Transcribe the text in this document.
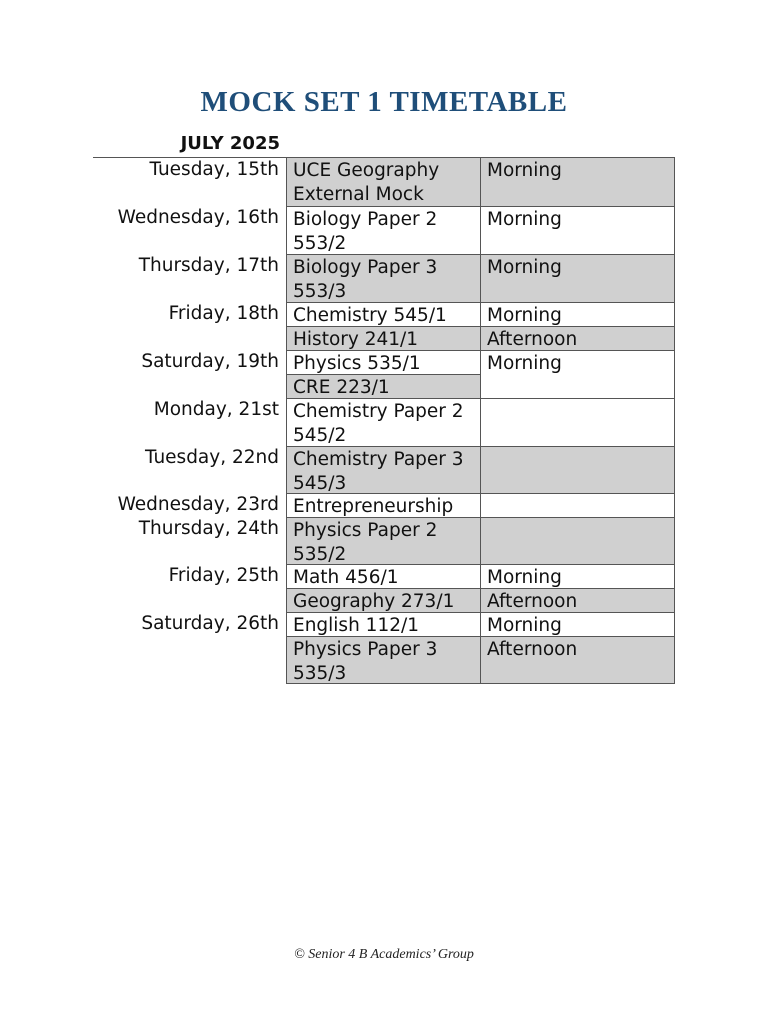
MOCK SET 1 TIMETABLE
JULY 2025
UCE Geography
External Mock
Biology Paper 2
553/2
Biology Paper 3
553/3
Chemistry 545/1
History 241/1
Physics 535/1
CRE 223/1
Chemistry Paper 2
545/2
Chemistry Paper 3
545/3
Entrepreneurship
Physics Paper 2
535/2
Math 456/1
Geography 273/1
English 112/1
Physics Paper 3
535/3
Morning
Morning
Morning
Morning
Afternoon
Morning
Morning
Afternoon
Morning
Afternoon
Tuesday, 15th
Wednesday, 16th
Thursday, 17th
Friday, 18th
Saturday, 19th
Monday, 21st
Tuesday, 22nd
Wednesday, 23rd
Thursday, 24th
Friday, 25th
Saturday, 26th
© Senior 4 B Academics’ Group
